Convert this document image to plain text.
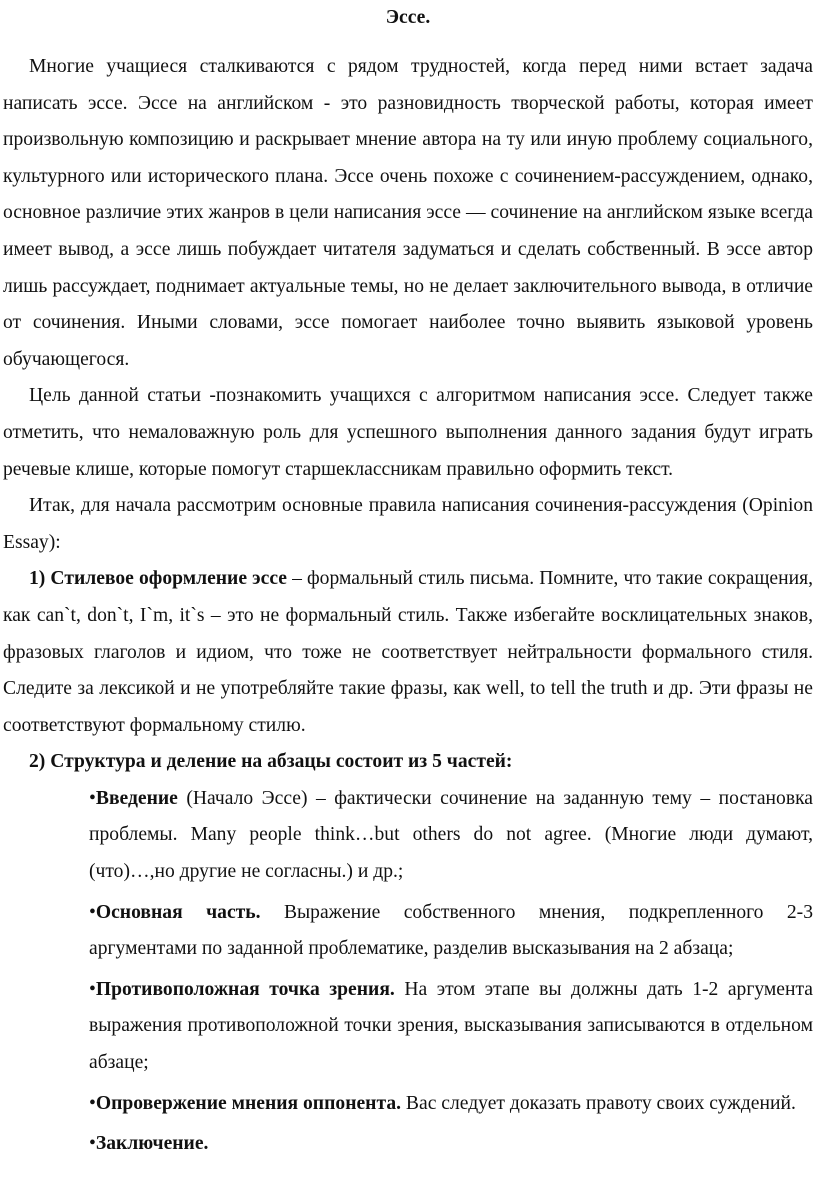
Эссе.

Многие учащиеся сталкиваются с рядом трудностей, когда перед ними встает задача написать эссе. Эссе на английском - это разновидность творческой работы, которая имеет произвольную композицию и раскрывает мнение автора на ту или иную проблему социального, культурного или исторического плана. Эссе очень похоже с сочинением-рассуждением, однако, основное различие этих жанров в цели написания эссе — сочинение на английском языке всегда имеет вывод, а эссе лишь побуждает читателя задуматься и сделать собственный. В эссе автор лишь рассуждает, поднимает актуальные темы, но не делает заключительного вывода, в отличие от сочинения. Иными словами, эссе помогает наиболее точно выявить языковой уровень обучающегося.

Цель данной статьи -познакомить учащихся с алгоритмом написания эссе. Следует также отметить, что немаловажную роль для успешного выполнения данного задания будут играть речевые клише, которые помогут старшеклассникам правильно оформить текст.

Итак, для начала рассмотрим основные правила написания сочинения-рассуждения (Opinion Essay):

1) Стилевое оформление эссе – формальный стиль письма. Помните, что такие сокращения, как can`t, don`t, I`m, it`s – это не формальный стиль. Также избегайте восклицательных знаков, фразовых глаголов и идиом, что тоже не соответствует нейтральности формального стиля. Следите за лексикой и не употребляйте такие фразы, как well, to tell the truth и др. Эти фразы не соответствуют формальному стилю.

2) Структура и деление на абзацы состоит из 5 частей:

•Введение (Начало Эссе) – фактически сочинение на заданную тему – постановка проблемы. Many people think…but others do not agree. (Многие люди думают, (что)…,но другие не согласны.) и др.;

•Основная часть. Выражение собственного мнения, подкрепленного 2-3 аргументами по заданной проблематике, разделив высказывания на 2 абзаца;

•Противоположная точка зрения. На этом этапе вы должны дать 1-2 аргумента выражения противоположной точки зрения, высказывания записываются в отдельном абзаце;

•Опровержение мнения оппонента. Вас следует доказать правоту своих суждений.

•Заключение.
